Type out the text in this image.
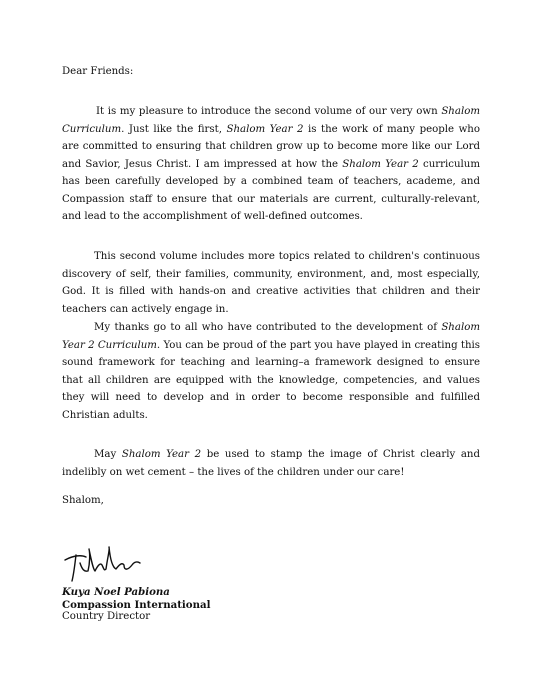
Dear Friends:

It is my pleasure to introduce the second volume of our very own Shalom Curriculum. Just like the first, Shalom Year 2 is the work of many people who are committed to ensuring that children grow up to become more like our Lord and Savior, Jesus Christ. I am impressed at how the Shalom Year 2 curriculum has been carefully developed by a combined team of teachers, academe, and Compassion staff to ensure that our materials are current, culturally-relevant, and lead to the accomplishment of well-defined outcomes.

This second volume includes more topics related to children's continuous discovery of self, their families, community, environment, and, most especially, God. It is filled with hands-on and creative activities that children and their teachers can actively engage in.

My thanks go to all who have contributed to the development of Shalom Year 2 Curriculum. You can be proud of the part you have played in creating this sound framework for teaching and learning–a framework designed to ensure that all children are equipped with the knowledge, competencies, and values they will need to develop and in order to become responsible and fulfilled Christian adults.

May Shalom Year 2 be used to stamp the image of Christ clearly and indelibly on wet cement – the lives of the children under our care!

Shalom,
Kuya Noel Pabiona
Compassion International
Country Director
